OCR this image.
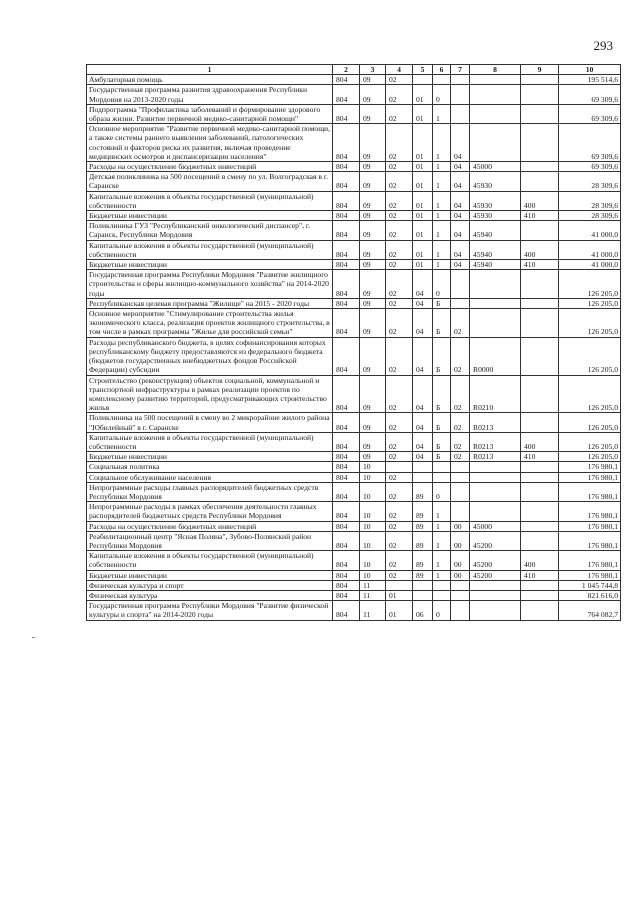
293
1	2	3	4	5	6	7	8	9	10
Амбулаторная помощь	804	09	02						195 514,6
Государственная программа развития здравоохранения Республики Мордовия на 2013-2020 годы	804	09	02	01	0				69 309,6
Подпрограмма "Профилактика заболеваний и формирование здорового образа жизни. Развитие первичной медико-санитарной помощи"	804	09	02	01	1				69 309,6
Основное мероприятие "Развитие первичной медико-санитарной помощи, а также системы раннего выявления заболеваний, патологических состояний и факторов риска их развития, включая проведение медицинских осмотров и диспансеризации населения"	804	09	02	01	1	04			69 309,6
Расходы на осуществление бюджетных инвестиций	804	09	02	01	1	04	45000		69 309,6
Детская поликлиника на 500 посещений в смену по ул. Волгоградская в г. Саранске	804	09	02	01	1	04	45930		28 309,6
Капитальные вложения в объекты государственной (муниципальной) собственности	804	09	02	01	1	04	45930	400	28 309,6
Бюджетные инвестиции	804	09	02	01	1	04	45930	410	28 309,6
Поликлиника ГУЗ "Республиканский онкологический диспансер", г. Саранск, Республики Мордовия	804	09	02	01	1	04	45940		41 000,0
Капитальные вложения в объекты государственной (муниципальной) собственности	804	09	02	01	1	04	45940	400	41 000,0
Бюджетные инвестиции	804	09	02	01	1	04	45940	410	41 000,0
Государственная программа Республики Мордовия "Развитие жилищного строительства и сферы жилищно-коммунального хозяйства" на 2014-2020 годы	804	09	02	04	0				126 205,0
Республиканская целевая программа "Жилище" на 2015 - 2020 годы	804	09	02	04	Б				126 205,0
Основное мероприятие "Стимулирование строительства жилья экономического класса, реализация проектов жилищного строительства, в том числе в рамках программы "Жилье для российской семьи"	804	09	02	04	Б	02			126 205,0
Расходы республиканского бюджета, в целях софинансирования которых республиканскому бюджету предоставляются из федерального бюджета (бюджетов государственных внебюджетных фондов Российской Федерации) субсидии	804	09	02	04	Б	02	R0000		126 205,0
Строительство (реконструкция) объектов социальной, коммунальной и транспортной инфраструктуры в рамках реализации проектов по комплексному развитию территорий, предусматривающих строительство жилья	804	09	02	04	Б	02	R0210		126 205,0
Поликлиника на 500 посещений в смену во 2 микрорайоне жилого района "Юбилейный" в г. Саранске	804	09	02	04	Б	02	R0213		126 205,0
Капитальные вложения в объекты государственной (муниципальной) собственности	804	09	02	04	Б	02	R0213	400	126 205,0
Бюджетные инвестиции	804	09	02	04	Б	02	R0213	410	126 205,0
Социальная политика	804	10							176 980,1
Социальное обслуживание населения	804	10	02						176 980,1
Непрограммные расходы главных распорядителей бюджетных средств Республики Мордовия	804	10	02	89	0				176 980,1
Непрограммные расходы в рамках обеспечения деятельности главных распорядителей бюджетных средств Республики Мордовия	804	10	02	89	1				176 980,1
Расходы на осуществление бюджетных инвестиций	804	10	02	89	1	00	45000		176 980,1
Реабилитационный центр "Ясная Поляна", Зубово-Полянский район Республики Мордовия	804	10	02	89	1	00	45200		176 980,1
Капитальные вложения в объекты государственной (муниципальной) собственности	804	10	02	89	1	00	45200	400	176 980,1
Бюджетные инвестиции	804	10	02	89	1	00	45200	410	176 980,1
Физическая культура и спорт	804	11							1 045 744,8
Физическая культура	804	11	01						821 616,0
Государственная программа Республики Мордовия "Развитие физической культуры и спорта" на 2014-2020 годы	804	11	01	06	0				764 082,7
